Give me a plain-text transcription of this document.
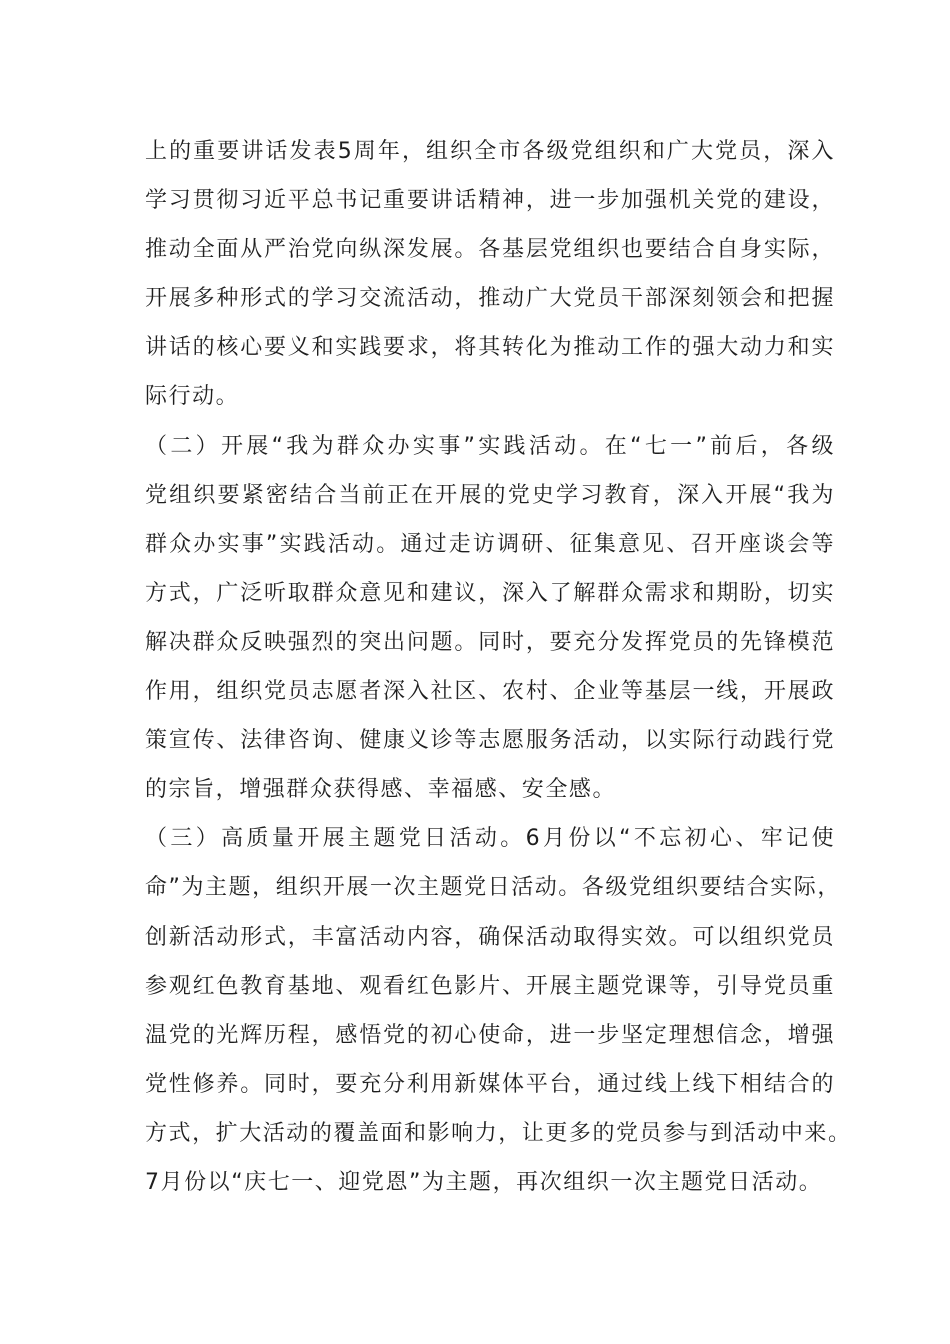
上的重要讲话发表5周年，组织全市各级党组织和广大党员，深入
学习贯彻习近平总书记重要讲话精神，进一步加强机关党的建设，
推动全面从严治党向纵深发展。各基层党组织也要结合自身实际，
开展多种形式的学习交流活动，推动广大党员干部深刻领会和把握
讲话的核心要义和实践要求，将其转化为推动工作的强大动力和实
际行动。
（二）开展“我为群众办实事”实践活动。在“七一”前后，各级
党组织要紧密结合当前正在开展的党史学习教育，深入开展“我为
群众办实事”实践活动。通过走访调研、征集意见、召开座谈会等
方式，广泛听取群众意见和建议，深入了解群众需求和期盼，切实
解决群众反映强烈的突出问题。同时，要充分发挥党员的先锋模范
作用，组织党员志愿者深入社区、农村、企业等基层一线，开展政
策宣传、法律咨询、健康义诊等志愿服务活动，以实际行动践行党
的宗旨，增强群众获得感、幸福感、安全感。
（三）高质量开展主题党日活动。6月份以“不忘初心、牢记使
命”为主题，组织开展一次主题党日活动。各级党组织要结合实际，
创新活动形式，丰富活动内容，确保活动取得实效。可以组织党员
参观红色教育基地、观看红色影片、开展主题党课等，引导党员重
温党的光辉历程，感悟党的初心使命，进一步坚定理想信念，增强
党性修养。同时，要充分利用新媒体平台，通过线上线下相结合的
方式，扩大活动的覆盖面和影响力，让更多的党员参与到活动中来。
7月份以“庆七一、迎党恩”为主题，再次组织一次主题党日活动。
